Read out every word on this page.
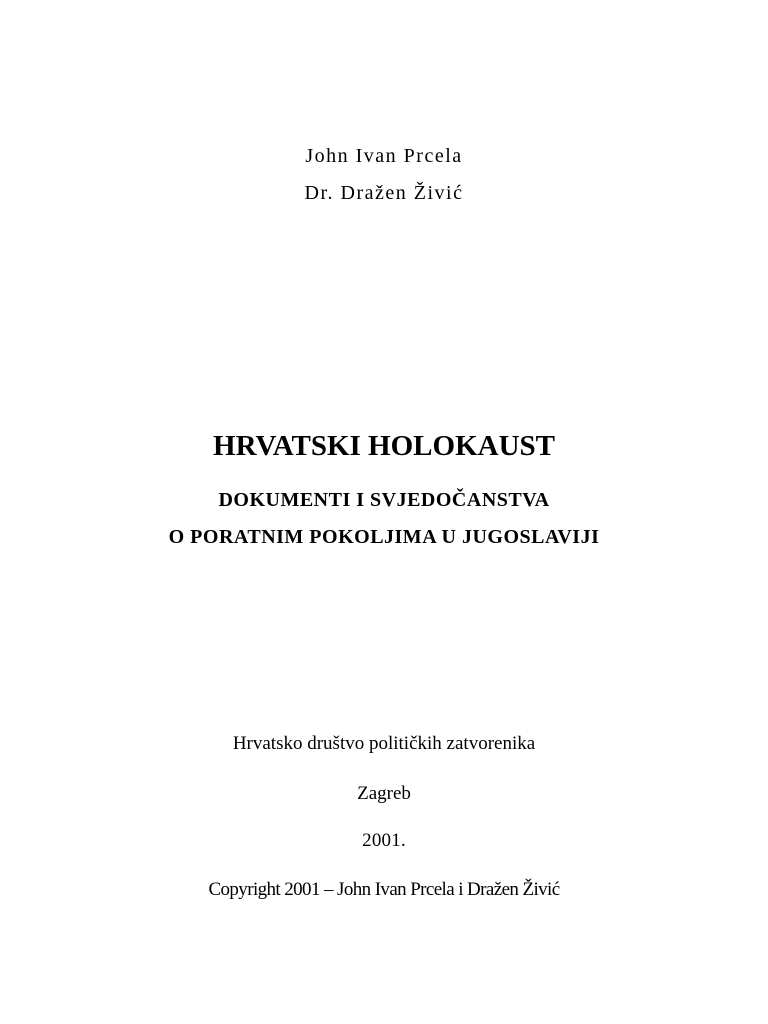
John Ivan Prcela
Dr. Dražen Živić
HRVATSKI HOLOKAUST
DOKUMENTI I SVJEDOČANSTVA
O PORATNIM POKOLJIMA U JUGOSLAVIJI
Hrvatsko društvo političkih zatvorenika
Zagreb
2001.
Copyright 2001 – John Ivan Prcela i Dražen Živić
